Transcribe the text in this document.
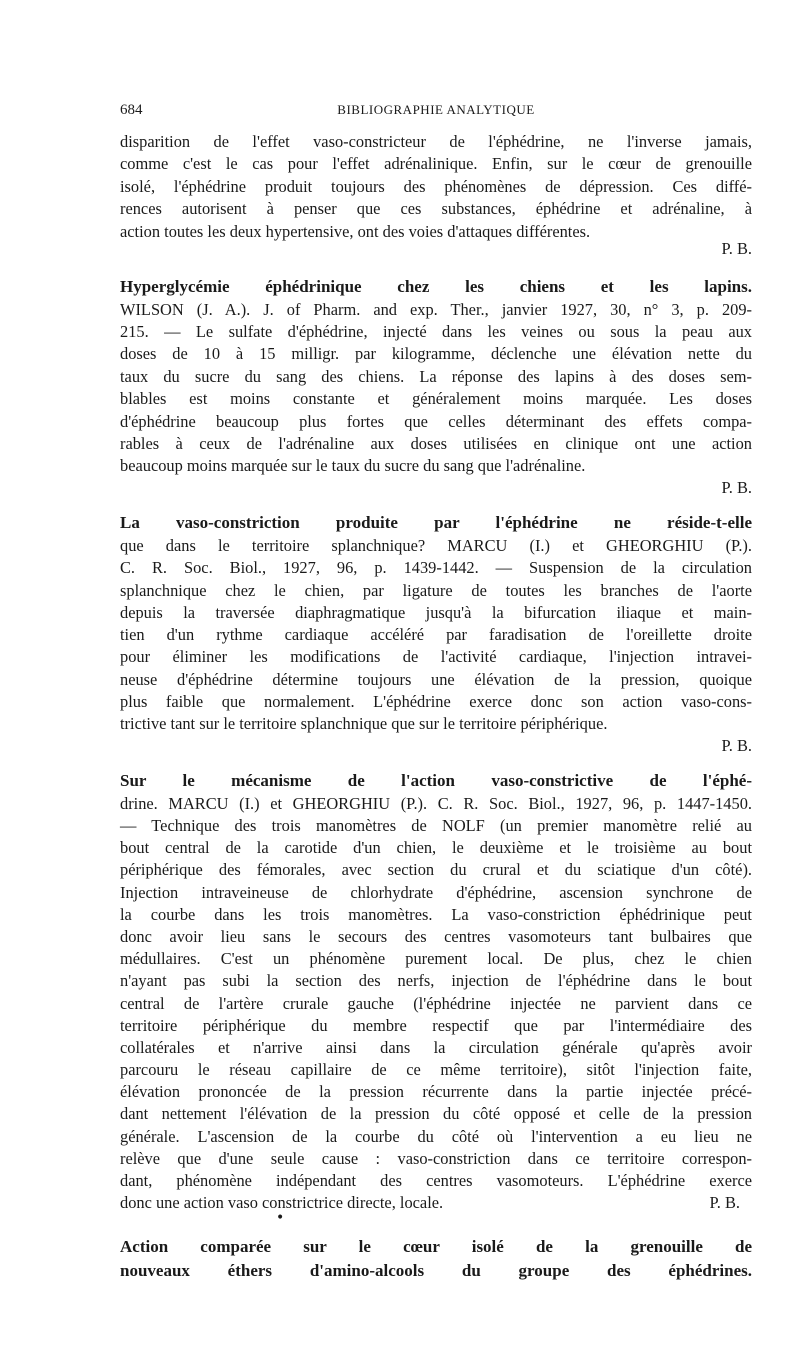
684	BIBLIOGRAPHIE ANALYTIQUE
disparition de l'effet vaso-constricteur de l'éphédrine, ne l'inverse jamais,
comme c'est le cas pour l'effet adrénalinique. Enfin, sur le cœur de grenouille
isolé, l'éphédrine produit toujours des phénomènes de dépression. Ces diffé-
rences autorisent à penser que ces substances, éphédrine et adrénaline, à
action toutes les deux hypertensive, ont des voies d'attaques différentes.
P. B.
Hyperglycémie éphédrinique chez les chiens et les lapins.
WILSON (J. A.). J. of Pharm. and exp. Ther., janvier 1927, 30, n° 3, p. 209-
215. — Le sulfate d'éphédrine, injecté dans les veines ou sous la peau aux
doses de 10 à 15 milligr. par kilogramme, déclenche une élévation nette du
taux du sucre du sang des chiens. La réponse des lapins à des doses sem-
blables est moins constante et généralement moins marquée. Les doses
d'éphédrine beaucoup plus fortes que celles déterminant des effets compa-
rables à ceux de l'adrénaline aux doses utilisées en clinique ont une action
beaucoup moins marquée sur le taux du sucre du sang que l'adrénaline.
P. B.
La vaso-constriction produite par l'éphédrine ne réside-t-elle
que dans le territoire splanchnique? MARCU (I.) et GHEORGHIU (P.).
C. R. Soc. Biol., 1927, 96, p. 1439-1442. — Suspension de la circulation
splanchnique chez le chien, par ligature de toutes les branches de l'aorte
depuis la traversée diaphragmatique jusqu'à la bifurcation iliaque et main-
tien d'un rythme cardiaque accéléré par faradisation de l'oreillette droite
pour éliminer les modifications de l'activité cardiaque, l'injection intravei-
neuse d'éphédrine détermine toujours une élévation de la pression, quoique
plus faible que normalement. L'éphédrine exerce donc son action vaso-cons-
trictive tant sur le territoire splanchnique que sur le territoire périphérique.
P. B.
Sur le mécanisme de l'action vaso-constrictive de l'éphé-
drine. MARCU (I.) et GHEORGHIU (P.). C. R. Soc. Biol., 1927, 96, p. 1447-1450.
— Technique des trois manomètres de NOLF (un premier manomètre relié au
bout central de la carotide d'un chien, le deuxième et le troisième au bout
périphérique des fémorales, avec section du crural et du sciatique d'un côté).
Injection intraveineuse de chlorhydrate d'éphédrine, ascension synchrone de
la courbe dans les trois manomètres. La vaso-constriction éphédrinique peut
donc avoir lieu sans le secours des centres vasomoteurs tant bulbaires que
médullaires. C'est un phénomène purement local. De plus, chez le chien
n'ayant pas subi la section des nerfs, injection de l'éphédrine dans le bout
central de l'artère crurale gauche (l'éphédrine injectée ne parvient dans ce
territoire périphérique du membre respectif que par l'intermédiaire des
collatérales et n'arrive ainsi dans la circulation générale qu'après avoir
parcouru le réseau capillaire de ce même territoire), sitôt l'injection faite,
élévation prononcée de la pression récurrente dans la partie injectée précé-
dant nettement l'élévation de la pression du côté opposé et celle de la pression
générale. L'ascension de la courbe du côté où l'intervention a eu lieu ne
relève que d'une seule cause : vaso-constriction dans ce territoire correspon-
dant, phénomène indépendant des centres vasomoteurs. L'éphédrine exerce
donc une action vaso constrictrice directe, locale.	P. B.
•
Action comparée sur le cœur isolé de la grenouille de
nouveaux éthers d'amino-alcools du groupe des éphédrines.
